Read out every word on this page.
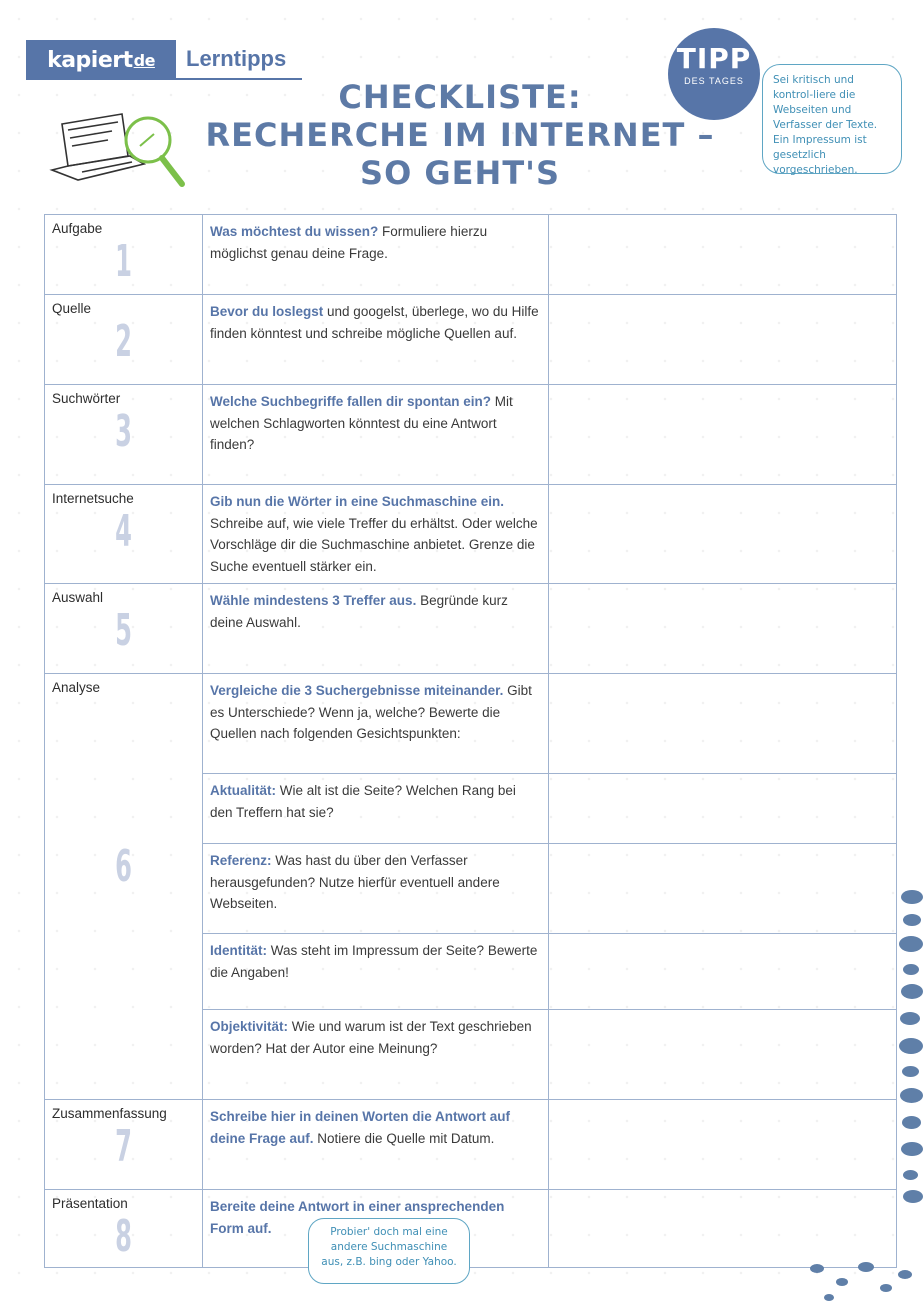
kapiert de	Lerntipps
CHECKLISTE:
RECHERCHE IM INTERNET –
SO GEHT'S
TIPP
DES TAGES	Sei kritisch und kontrol-liere die Webseiten und Verfasser der Texte. Ein Impressum ist gesetzlich vorgeschrieben.
Aufgabe
1	Was möchtest du wissen? Formuliere hierzu möglichst genau deine Frage.	

Quelle
2	Bevor du loslegst und googelst, überlege, wo du Hilfe finden könntest und schreibe mögliche Quellen auf.	

Suchwörter
3	Welche Suchbegriffe fallen dir spontan ein? Mit welchen Schlagworten könntest du eine Antwort finden?	

Internetsuche
4	Gib nun die Wörter in eine Suchmaschine ein. Schreibe auf, wie viele Treffer du erhältst. Oder welche Vorschläge dir die Suchmaschine anbietet. Grenze die Suche eventuell stärker ein.	

Auswahl
5	Wähle mindestens 3 Treffer aus. Begründe kurz deine Auswahl.	

Analyse
6	Vergleiche die 3 Suchergebnisse miteinander. Gibt es Unterschiede? Wenn ja, welche? Bewerte die Quellen nach folgenden Gesichtspunkten:	
	Aktualität: Wie alt ist die Seite? Welchen Rang bei den Treffern hat sie?	
	Referenz: Was hast du über den Verfasser herausgefunden? Nutze hierfür eventuell andere Webseiten.	
	Identität: Was steht im Impressum der Seite? Bewerte die Angaben!	
	Objektivität: Wie und warum ist der Text geschrieben worden? Hat der Autor eine Meinung?	

Zusammenfassung
7	Schreibe hier in deinen Worten die Antwort auf deine Frage auf. Notiere die Quelle mit Datum.	

Präsentation
8	Bereite deine Antwort in einer ansprechenden Form auf.		Probier' doch mal eine andere Suchmaschine aus, z.B. bing oder Yahoo.
